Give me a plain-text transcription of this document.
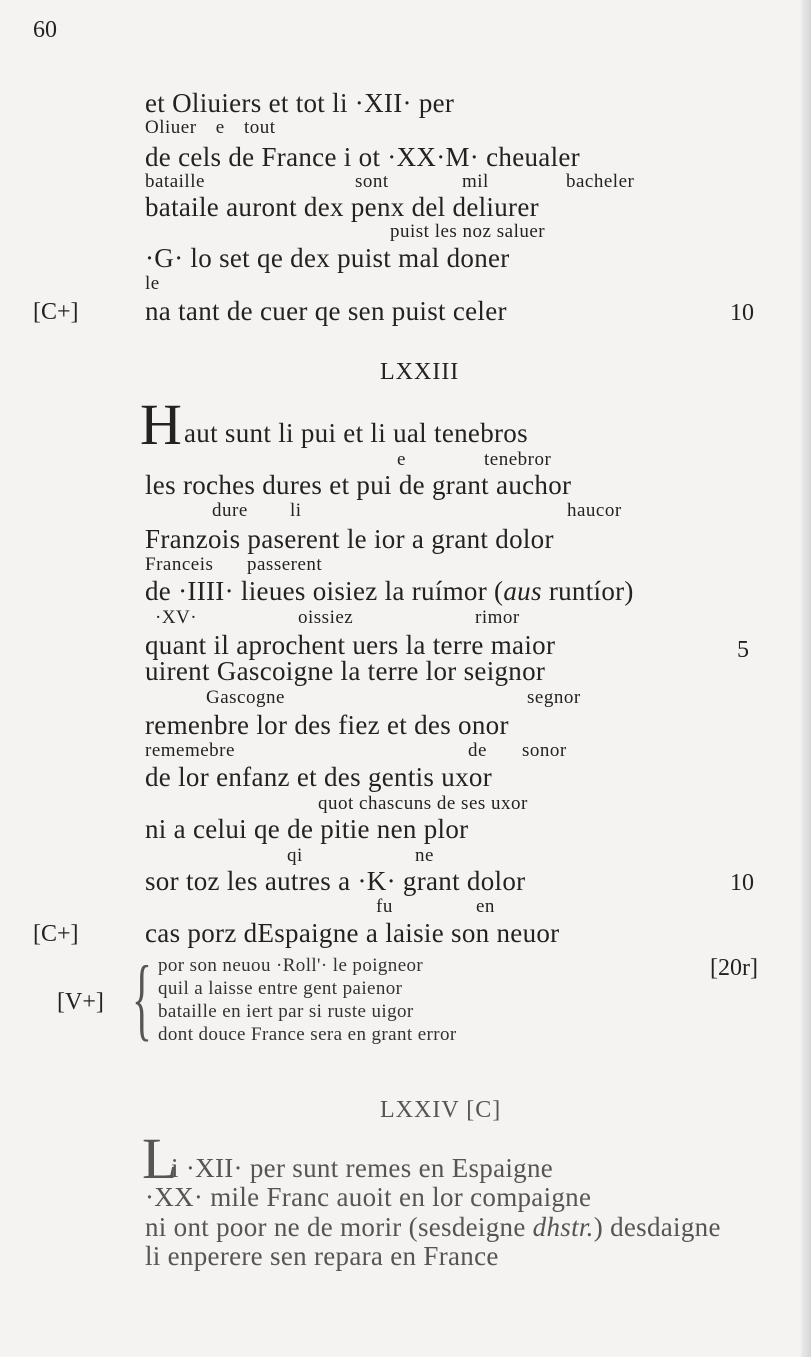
60
et Oliuiers et tot li ·XII· per
Oliuer e tout
de cels de France i ot ·XX·M· cheualer
bataille	sont	mil	bacheler
bataile auront dex penx del deliurer
puist les noz saluer
·G· lo set qe dex puist mal doner
le
[C+] na tant de cuer qe sen puist celer	10
LXXIII
H aut sunt li pui et li ual tenebros
e	tenebror
les roches dures et pui de grant auchor
dure li	haucor
Franzois paserent le ior a grant dolor
Franceis passerent
de ·IIII· lieues oisiez la ruímor (aus runtíor)
·XV·	oissiez	rimor
quant il aprochent uers la terre maior	5
uirent Gascoigne la terre lor seignor
Gascogne	segnor
remenbre lor des fiez et des onor
rememebre	de sonor
de lor enfanz et des gentis uxor
quot chascuns de ses uxor
ni a celui qe de pitie nen plor
qi	ne
sor toz les autres a ·K· grant dolor	10
fu	en
[C+] cas porz dEspaigne a laisie son neuor
[V+] { por son neuou ·Roll'· le poigneor	[20r]
quil a laisse entre gent paienor
bataille en iert par si ruste uigor
dont douce France sera en grant error
LXXIV [C]
L
i ·XII· per sunt remes en Espaigne
·XX· mile Franc auoit en lor compaigne
ni ont poor ne de morir (sesdeigne dhstr.) desdaigne
li enperere sen repara en France
